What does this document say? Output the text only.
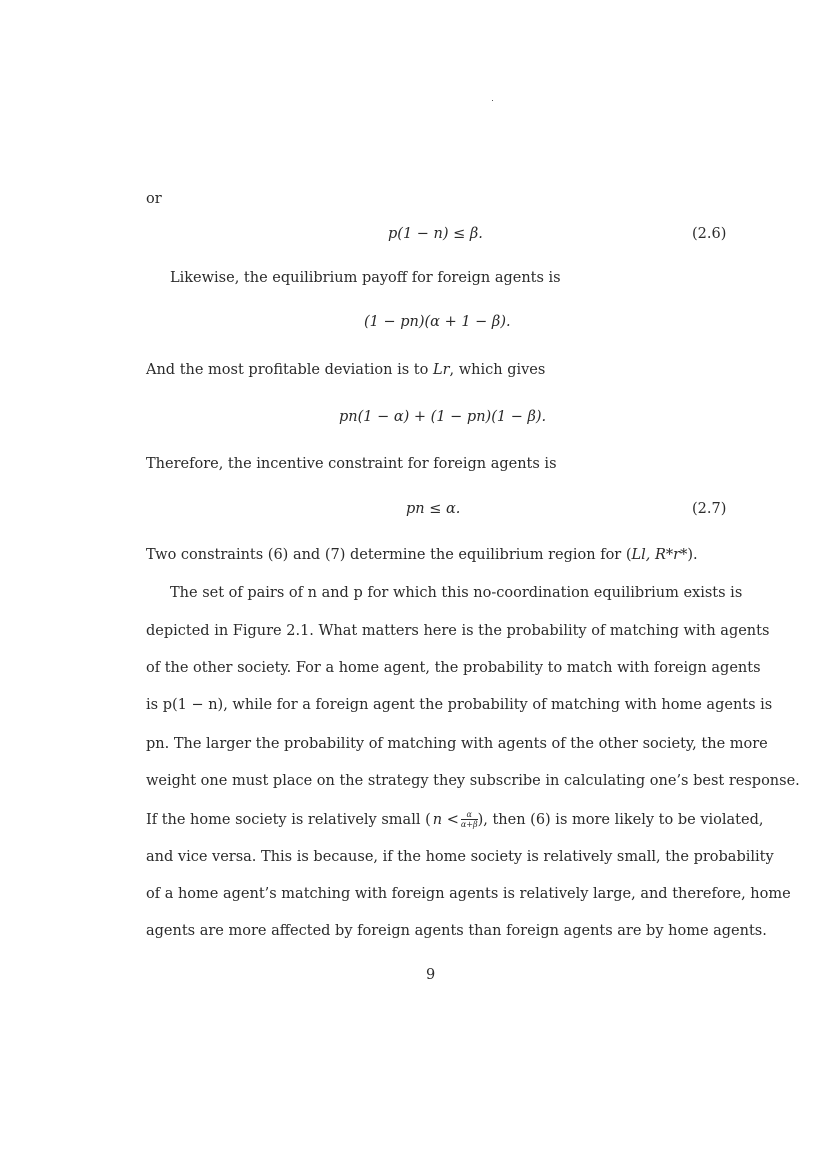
or
p(1 − n) ≤ β.	(2.6)
Likewise, the equilibrium payoff for foreign agents is
(1 − pn)(α + 1 − β).
And the most profitable deviation is to Lr, which gives
pn(1 − α) + (1 − pn)(1 − β).
Therefore, the incentive constraint for foreign agents is
pn ≤ α.	(2.7)
Two constraints (6) and (7) determine the equilibrium region for (Ll, R*r*).
The set of pairs of n and p for which this no-coordination equilibrium exists is
depicted in Figure 2.1. What matters here is the probability of matching with agents
of the other society. For a home agent, the probability to match with foreign agents
is p(1 − n), while for a foreign agent the probability of matching with home agents is
pn. The larger the probability of matching with agents of the other society, the more
weight one must place on the strategy they subscribe in calculating one’s best response.
If the home society is relatively small ( $n < \frac{\alpha}{\alpha+\beta}$ ), then (6) is more likely to be violated,
and vice versa. This is because, if the home society is relatively small, the probability
of a home agent’s matching with foreign agents is relatively large, and therefore, home
agents are more affected by foreign agents than foreign agents are by home agents.
9
